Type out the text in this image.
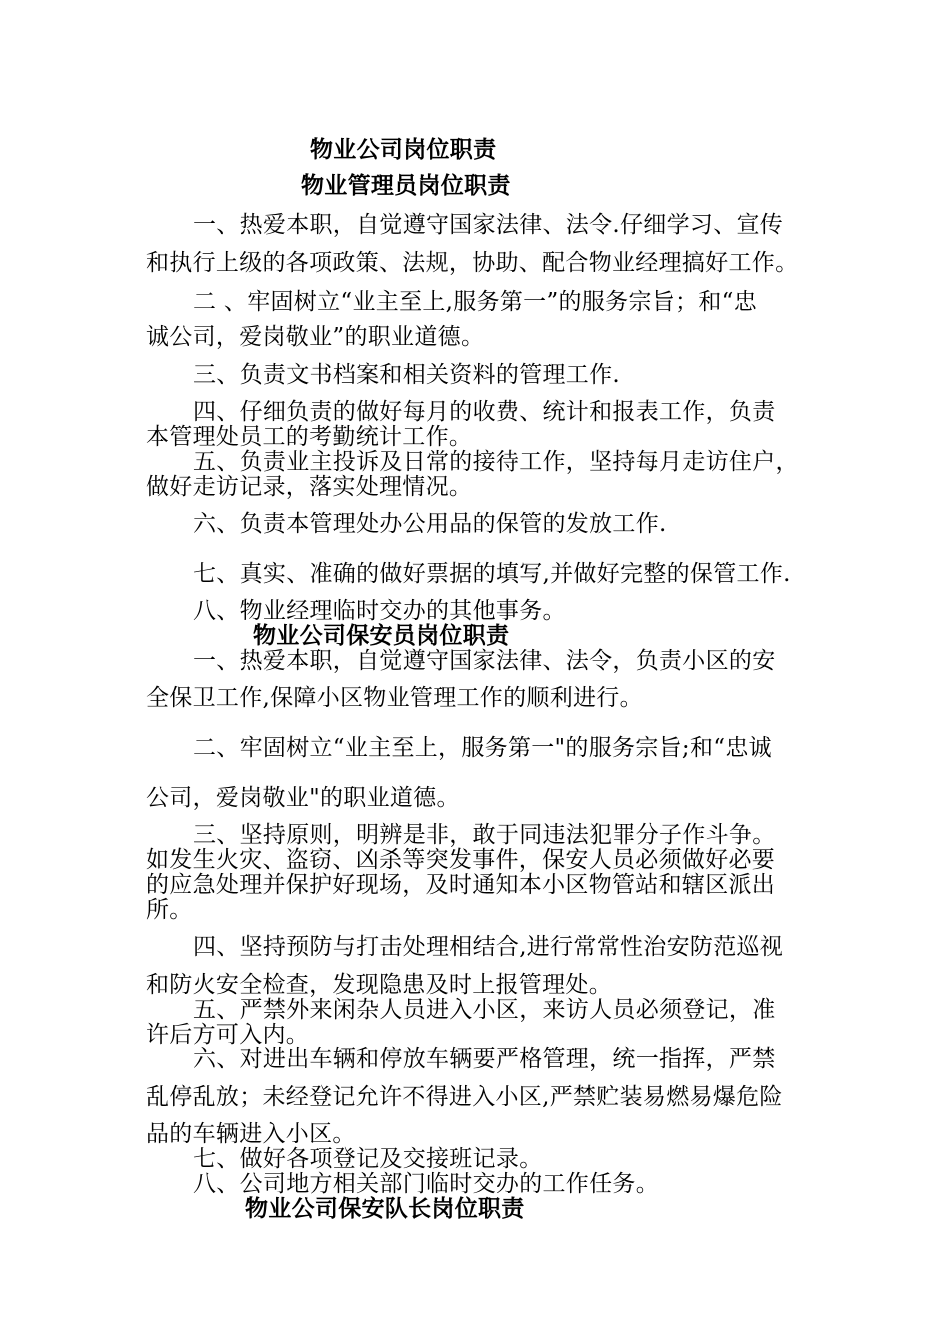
物业公司岗位职责
物业管理员岗位职责

一、热爱本职，自觉遵守国家法律、法令.仔细学习、宣传

和执行上级的各项政策、法规，协助、配合物业经理搞好工作。

二 、牢固树立“业主至上,服务第一”的服务宗旨；和“忠

诚公司，爱岗敬业”的职业道德。

三、负责文书档案和相关资料的管理工作.

四、仔细负责的做好每月的收费、统计和报表工作，负责

本管理处员工的考勤统计工作。

五、负责业主投诉及日常的接待工作，坚持每月走访住户，

做好走访记录，落实处理情况。

六、负责本管理处办公用品的保管的发放工作.

七、真实、准确的做好票据的填写,并做好完整的保管工作.

八、物业经理临时交办的其他事务。

物业公司保安员岗位职责

一、热爱本职，自觉遵守国家法律、法令，负责小区的安

全保卫工作,保障小区物业管理工作的顺利进行。

二、牢固树立“业主至上，服务第一"的服务宗旨;和“忠诚

公司，爱岗敬业"的职业道德。

三、坚持原则，明辨是非，敢于同违法犯罪分子作斗争。

如发生火灾、盗窃、凶杀等突发事件，保安人员必须做好必要

的应急处理并保护好现场，及时通知本小区物管站和辖区派出

所。

四、坚持预防与打击处理相结合,进行常常性治安防范巡视

和防火安全检查，发现隐患及时上报管理处。

五、严禁外来闲杂人员进入小区，来访人员必须登记，准

许后方可入内。

六、对进出车辆和停放车辆要严格管理，统一指挥，严禁

乱停乱放；未经登记允许不得进入小区,严禁贮装易燃易爆危险

品的车辆进入小区。

七、做好各项登记及交接班记录。

八、公司地方相关部门临时交办的工作任务。

物业公司保安队长岗位职责
